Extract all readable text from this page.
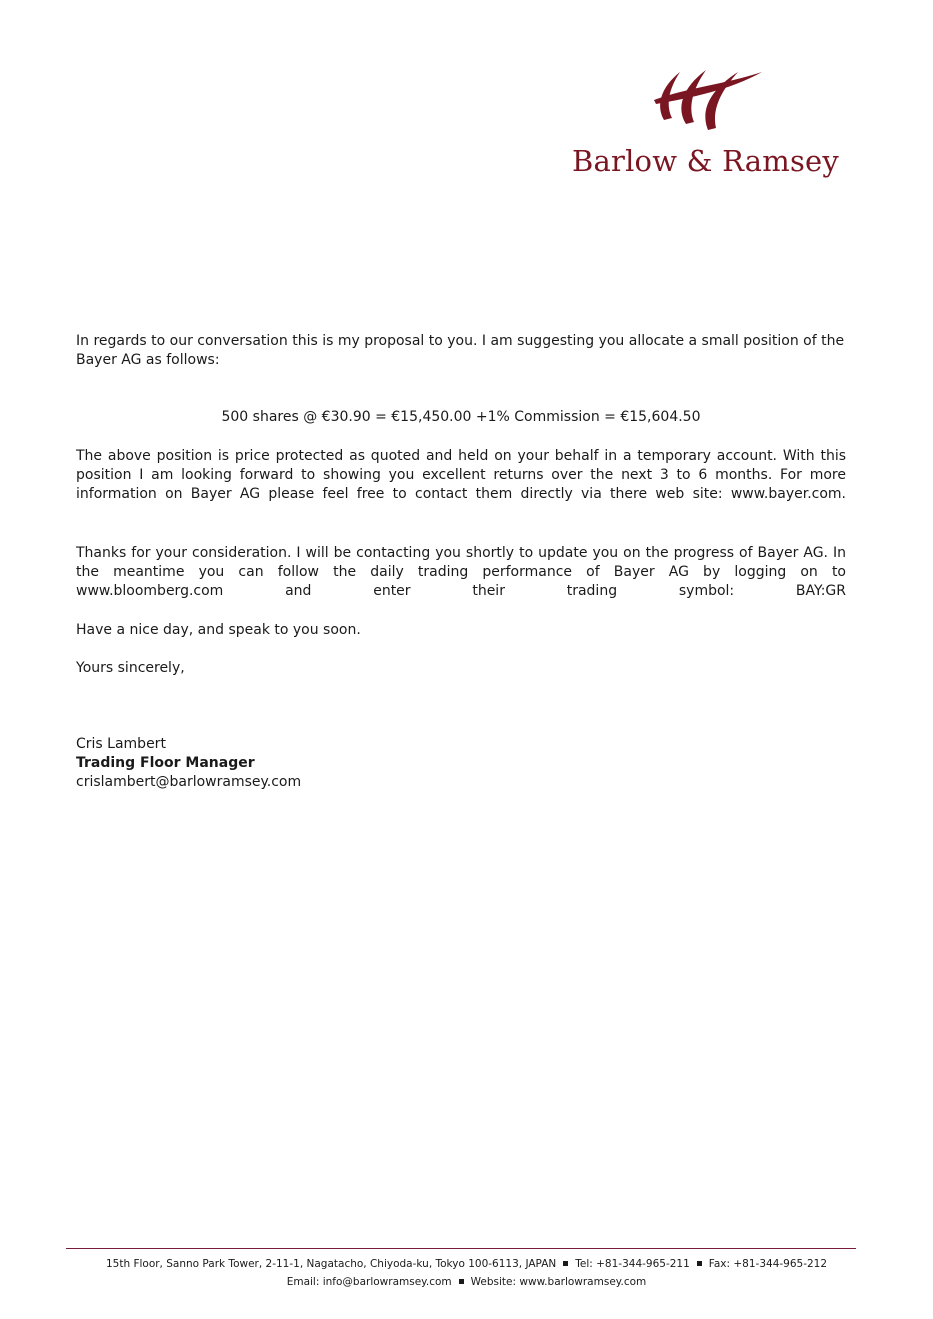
Barlow & Ramsey
In regards to our conversation this is my proposal to you. I am suggesting you allocate a small position of the Bayer AG as follows:
500 shares @ €30.90 = €15,450.00 +1% Commission = €15,604.50
The above position is price protected as quoted and held on your behalf in a temporary account. With this position I am looking forward to showing you excellent returns over the next 3 to 6 months. For more information on Bayer AG please feel free to contact them directly via there web site: www.bayer.com.
Thanks for your consideration. I will be contacting you shortly to update you on the progress of Bayer AG. In the meantime you can follow the daily trading performance of Bayer AG by logging on to www.bloomberg.com and enter their trading symbol: BAY:GR
Have a nice day, and speak to you soon.
Yours sincerely,
Cris Lambert
Trading Floor Manager
crislambert@barlowramsey.com
15th Floor, Sanno Park Tower, 2-11-1, Nagatacho, Chiyoda-ku, Tokyo 100-6113, JAPAN Tel: +81-344-965-211 Fax: +81-344-965-212
Email: info@barlowramsey.com Website: www.barlowramsey.com
